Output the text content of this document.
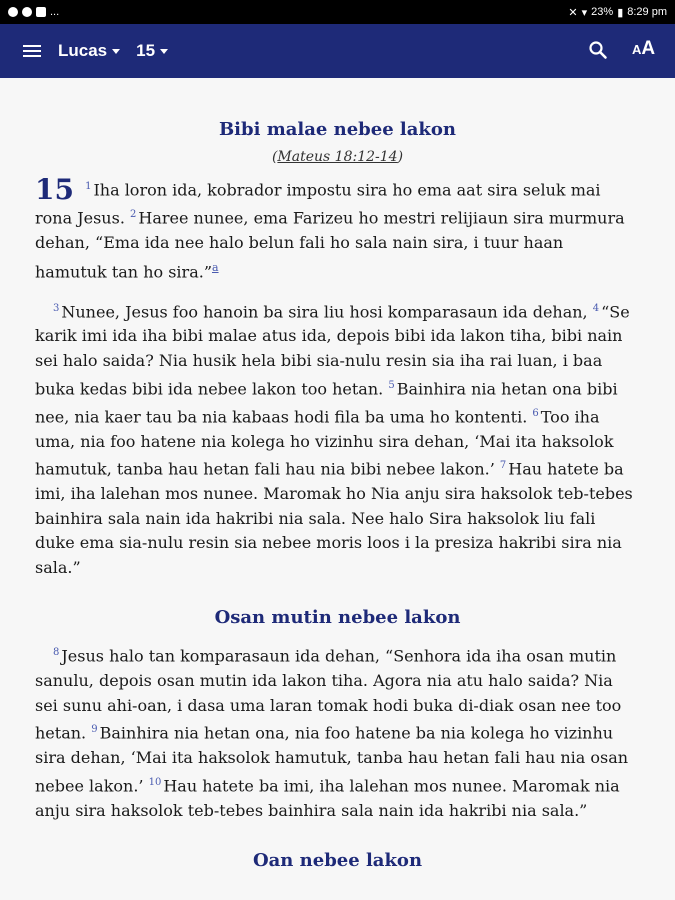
...	✕ ▾ 23% ▮ 8:29 pm
Lucas 15	AA
Bibi malae nebee lakon
(Mateus 18:12-14)

15 $^1$ Iha loron ida, kobrador impostu sira ho ema aat sira seluk mai rona Jesus. $^2$ Haree nunee, ema Farizeu ho mestri relijiaun sira murmura dehan, “Ema ida nee halo belun fali ho sala nain sira, i tuur haan hamutuk tan ho sira.”$^a$

$^3$ Nunee, Jesus foo hanoin ba sira liu hosi komparasaun ida dehan, $^4$ “Se karik imi ida iha bibi malae atus ida, depois bibi ida lakon tiha, bibi nain sei halo saida? Nia husik hela bibi sia-nulu resin sia iha rai luan, i baa buka kedas bibi ida nebee lakon too hetan. $^5$ Bainhira nia hetan ona bibi nee, nia kaer tau ba nia kabaas hodi fila ba uma ho kontenti. $^6$ Too iha uma, nia foo hatene nia kolega ho vizinhu sira dehan, ‘Mai ita haksolok hamutuk, tanba hau hetan fali hau nia bibi nebee lakon.’ $^7$ Hau hatete ba imi, iha lalehan mos nunee. Maromak ho Nia anju sira haksolok teb-tebes bainhira sala nain ida hakribi nia sala. Nee halo Sira haksolok liu fali duke ema sia-nulu resin sia nebee moris loos i la presiza hakribi sira nia sala.”

Osan mutin nebee lakon

$^8$ Jesus halo tan komparasaun ida dehan, “Senhora ida iha osan mutin sanulu, depois osan mutin ida lakon tiha. Agora nia atu halo saida? Nia sei sunu ahi-oan, i dasa uma laran tomak hodi buka di-diak osan nee too hetan. $^9$ Bainhira nia hetan ona, nia foo hatene ba nia kolega ho vizinhu sira dehan, ‘Mai ita haksolok hamutuk, tanba hau hetan fali hau nia osan nebee lakon.’ $^{10}$ Hau hatete ba imi, iha lalehan mos nunee. Maromak nia anju sira haksolok teb-tebes bainhira sala nain ida hakribi nia sala.”

Oan nebee lakon
